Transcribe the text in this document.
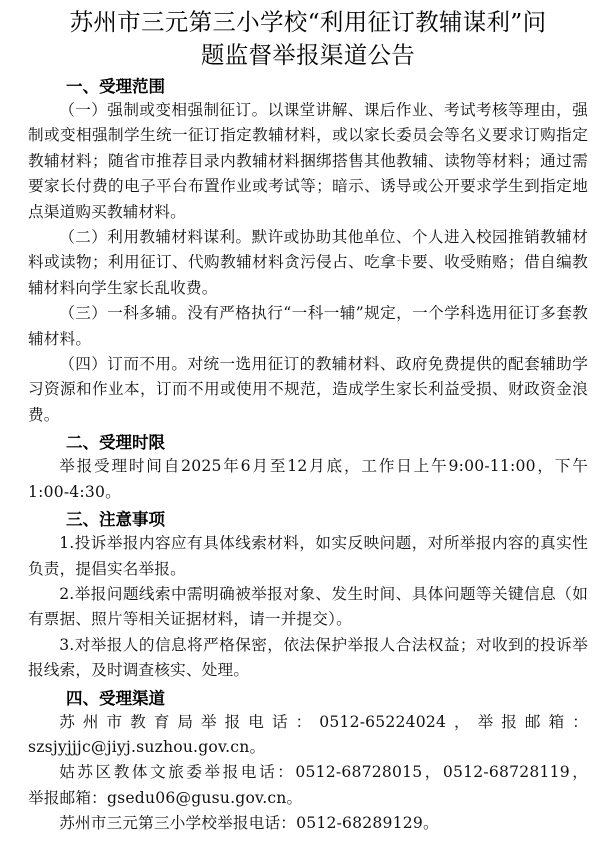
苏州市三元第三小学校“利用征订教辅谋利”问
题监督举报渠道公告
一、受理范围

（一）强制或变相强制征订。以课堂讲解、课后作业、考试考核等理由，强制或变相强制学生统一征订指定教辅材料，或以家长委员会等名义要求订购指定教辅材料；随省市推荐目录内教辅材料捆绑搭售其他教辅、读物等材料；通过需要家长付费的电子平台布置作业或考试等；暗示、诱导或公开要求学生到指定地点渠道购买教辅材料。

（二）利用教辅材料谋利。默许或协助其他单位、个人进入校园推销教辅材料或读物；利用征订、代购教辅材料贪污侵占、吃拿卡要、收受贿赂；借自编教辅材料向学生家长乱收费。

（三）一科多辅。没有严格执行“一科一辅”规定，一个学科选用征订多套教辅材料。

（四）订而不用。对统一选用征订的教辅材料、政府免费提供的配套辅助学习资源和作业本，订而不用或使用不规范，造成学生家长利益受损、财政资金浪费。

二、受理时限

举报受理时间自2025年6月至12月底，工作日上午9:00-11:00，下午1:00-4:30。

三、注意事项

1.投诉举报内容应有具体线索材料，如实反映问题，对所举报内容的真实性负责，提倡实名举报。

2.举报问题线索中需明确被举报对象、发生时间、具体问题等关键信息（如有票据、照片等相关证据材料，请一并提交）。

3.对举报人的信息将严格保密，依法保护举报人合法权益；对收到的投诉举报线索，及时调查核实、处理。

四、受理渠道

苏州市教育局举报电话：0512-65224024，举报邮箱：

szsjyjjjc@jiyj.suzhou.gov.cn。

姑苏区教体文旅委举报电话：0512-68728015，0512-68728119，

举报邮箱：gsedu06@gusu.gov.cn。

苏州市三元第三小学校举报电话：0512-68289129。
